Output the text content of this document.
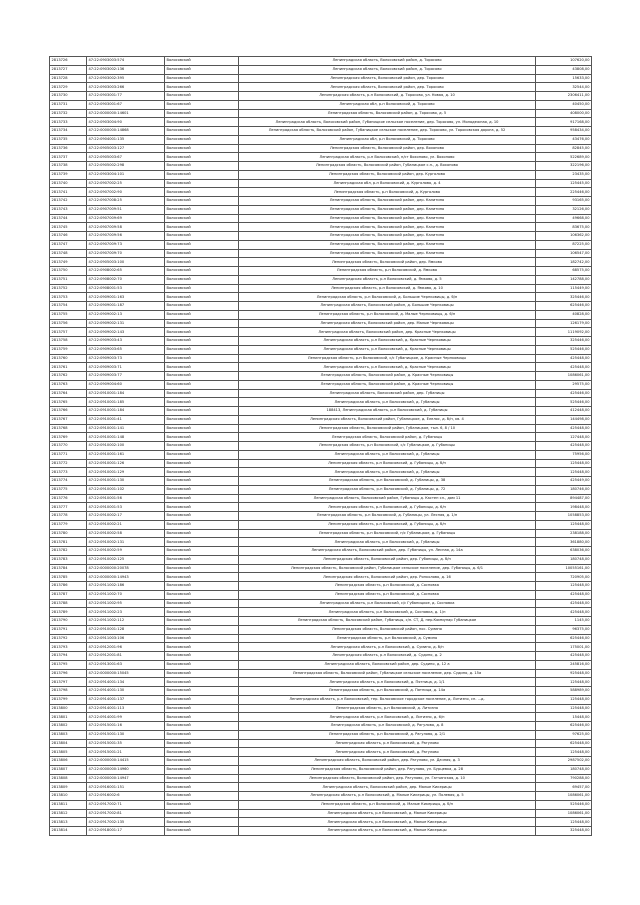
2813726	47:22:0903003:574	Волосовский	Ленинградская область, Волосовский район, д. Торосово	107620,00
2813727	47:22:0903002:136	Волосовский	Ленинградская область, Волосовский район, д. Торосово	43808,00
2813728	47:22:0903002:395	Волосовский	Ленинградская область, Волосовский район, дер. Торосово	15633,00
2813729	47:22:0903003:266	Волосовский	Ленинградская область, Волосовский район, дер. Торосово	32544,00
2813730	47:22:0903001:77	Волосовский	Ленинградская область, р-н Волосовский, д. Торосово, ул. Новая, д. 10	2306411,00
2813731	47:22:0903001:67	Волосовский	Ленинградская обл, р-н Волосовский, д. Торосово	40450,00
2813732	47:22:0000000:14601	Волосовский	Ленинградская область, Волосовский район, д. Торосово, д. 5	408000,00
2813733	47:22:0903004:90	Волосовский	Ленинградская область, Волосовский район, Губаницкое сельское поселение, дер. Торосово, ул. Молодежная, д. 10	917168,00
2813734	47:22:0000000:14868	Волосовский	Ленинградская область, Волосовский район, Губаницкое сельское поселение, дер. Торосово, ул. Торосовская дорога, д. 52	958434,00
2813735	47:22:0904001:135	Волосовский	Ленинградская обл, р-н Волосовский, д. Торосово	43476,00
2813736	47:22:0905003:127	Волосовский	Ленинградская область, Волосовский район, дер. Вохоново	82845,00
2813737	47:22:0905003:67	Волосовский	Ленинградская область, р-н Волосовский, п/ст Вохоново, ул. Вохоново	522689,00
2813738	47:22:0905002:298	Волосовский	Ленинградская область, Волосовский район, Губаницкое с.п., д. Вохоново	322196,00
2813739	47:22:0903004:101	Волосовский	Ленинградская область, Волосовский район, дер. Курголово	23435,00
2813740	47:22:0907002:25	Волосовский	Ленинградская обл, р-н Волосовский, д. Курголово, д. 4	125445,00
2813741	47:22:0907002:90	Волосовский	Ленинградская область, р-н Волосовский, д. Курголово	225446,00
2813742	47:22:0907008:25	Волосовский	Ленинградская область, Волосовский район, дер. Калитино	93165,00
2813743	47:22:0907009:51	Волосовский	Ленинградская область, Волосовский район, дер. Калитино	32126,00
2813744	47:22:0907009:69	Волосовский	Ленинградская область, Волосовский район, дер. Калитино	49668,00
2813745	47:22:0907009:58	Волосовский	Ленинградская область, Волосовский район, дер. Калитино	83675,00
2813746	47:22:0907009:56	Волосовский	Ленинградская область, Волосовский район, дер. Калитино	106362,00
2813747	47:22:0907009:73	Волосовский	Ленинградская область, Волосовский район, дер. Калитино	87225,00
2813748	47:22:0907009:70	Волосовский	Ленинградская область, Волосовский район, дер. Калитино	106547,00
2813749	47:22:0905003:100	Волосовский	Ленинградская область, Волосовский район, дер. Ямково	182742,00
2813750	47:22:0908002:65	Волосовский	Ленинградская область, р-н Волосовский, д. Ямково	68575,00
2813751	47:22:0908002:70	Волосовский	Ленинградская область, р-н Волосовский, д. Ямково, д. 5	142788,00
2813752	47:22:0908001:53	Волосовский	Ленинградская область, р-н Волосовский, д. Ямково, д. 10	115449,00
2813753	47:22:0909001:163	Волосовский	Ленинградская область, р-н Волосовский, д. Большие Чернковицы, д. б/н	325446,00
2813754	47:22:0909001:187	Волосовский	Ленинградская область, Волосовский район, д. Большие Чернковицы	625446,00
2813755	47:22:0909002:13	Волосовский	Ленинградская область, р-н Волосовский, д. Малые Чернковицы, д. 6/н	40828,00
2813756	47:22:0909002:131	Волосовский	Ленинградская область, Волосовский район, дер. Малые Чернковицы	126179,00
2813757	47:22:0909002:143	Волосовский	Ленинградская область, Волосовский район, дер. Красные Чернковицы	1119092,00
2813758	47:22:0909003:43	Волосовский	Ленинградская область, р-н Волосовский, д. Красные Чернковицы	325446,00
2813759	47:22:0909003:65	Волосовский	Ленинградская область, р-н Волосовский, д. Красные Чернковицы	525446,00
2813760	47:22:0909003:73	Волосовский	Ленинградская область, р-н Волосовский, с/с Губаницкое, д. Красные Чернковицы	425448,00
2813761	47:22:0909003:71	Волосовский	Ленинградская область, р-н Волосовский, д. Красные Чернковицы	425448,00
2813762	47:22:0909003:77	Волосовский	Ленинградская область, Волосовский район, д. Красные Чернковицы	1086061,00
2813763	47:22:0909004:60	Волосовский	Ленинградская область, Волосовский район, д. Красные Чернковицы	29575,00
2813764	47:22:0910001:184	Волосовский	Ленинградская область, Волосовский район, дер. Губаницы	425446,00
2813765	47:22:0910001:185	Волосовский	Ленинградская область, р-н Волосовский, д. Губаницы	525446,00
2813766	47:22:0910001:184	Волосовский	188413, Ленинградская область, р-н Волосовский, д. Губаницы	412448,00
2813767	47:22:0910001:41	Волосовский	Ленинградская область, Волосовский район, Губаницкое, д. Елелос, д. б/н, кв. 4	144498,00
2813768	47:22:0910001:141	Волосовский	Ленинградская область, Волосовский район, Губаницкое, тыл. 6, 8 / 10	425448,00
2813769	47:22:0910001:148	Волосовский	Ленинградская область, Волосовский район, д. Губаницы	127448,00
2813770	47:22:0910002:100	Волосовский	Ленинградская область, р-н Волосовский, с/с Губаницкое, д. Губаницы	425448,00
2813771	47:22:0910001:161	Волосовский	Ленинградская область, р-н Волосовский, д. Губаницы	75956,00
2813772	47:22:0910001:126	Волосовский	Ленинградская область, р-н Волосовский, д. Губаницы, д. б/н	125448,00
2813773	47:22:0910001:129	Волосовский	Ленинградская область, р-н Волосовский, д. Губаницы	125448,00
2813774	47:22:0910001:130	Волосовский	Ленинградская область, р-н Волосовский, д. Губаницы, д. 38	425449,00
2813775	47:22:0910001:102	Волосовский	Ленинградская область, р-н Волосовский, д. Губаницы, д. 72	180746,00
2813776	47:22:0910001:56	Волосовский	Ленинградская область, Волосовский район, Губаницы д. Кастен сл., дом 11	894487,00
2813777	47:22:0910001:53	Волосовский	Ленинградская область, р-н Волосовский, д. Губаницы, д. 6/н	198448,00
2813778	47:22:0910002:17	Волосовский	Ленинградская область, р-н Волосовский, д. Губаницы, ул. Лесная, д. 1/н	1058853,00
2813779	47:22:0910002:21	Волосовский	Ленинградская область, р-н Волосовский, д. Губаницы, д. б/н	125448,00
2813780	47:22:0910002:58	Волосовский	Ленинградская область, р-н Волосовский, п/с Губаницкое, д. Губаницы	238188,00
2813781	47:22:0910002:131	Волосовский	Ленинградская область, р-н Волосовский, д. Губаницы	361880,00
2813782	47:22:0910002:59	Волосовский	Ленинградская область, Волосовский район, дер. Губаницы, ул. Лесная, д. 14а	638036,00
2813783	47:22:0910002:125	Волосовский	Ленинградская область, Волосовский район, дер. Губаницы, д. б/н	180748,00
2813784	47:22:0000000:20078	Волосовский	Ленинградская область, Волосовский район, Губаницкое сельское поселение, дер. Губаницы, д. 6/1	10055161,00
2813785	47:22:0000000:14943	Волосовский	Ленинградская область, Волосовский район, дер. Ронколово, д. 16	720905,00
2813786	47:22:0911002:186	Волосовский	Ленинградская область, р-н Волосовский, д. Сосновка	125448,00
2813787	47:22:0911002:70	Волосовский	Ленинградская область, р-н Волосовский, д. Сосновка	425448,00
2813788	47:22:0911002:95	Волосовский	Ленинградская область, р-н Волосовский, с/с Губаницкое, д. Сосновка	425448,00
2813789	47:22:0911002:23	Волосовский	Ленинградская область, р-н Волосовский, д. Сосновка, д. 1/н	425448,00
2813790	47:22:0911002:112	Волосовский	Ленинградская область, Волосовский район, Губаницы, с/п. СТ, Д. пер.Коммунар Губаницкое	1145,00
2813791	47:22:0910001:128	Волосовский	Ленинградская область, Волосовский район, пос. Сумино	96375,00
2813792	47:22:0911003:106	Волосовский	Ленинградская область, р-н Волосовский, д. Сумино	625446,00
2813793	47:22:0912001:96	Волосовский	Ленинградская область, р-н Волосовский, д. Сумино, д. б/н	175001,00
2813794	47:22:0912001:81	Волосовский	Ленинградская область, р-н Волосовский, д. Судино, д. 2	425448,00
2813795	47:22:0913001:63	Волосовский	Ленинградская область, Волосовский район, дер. Судино, д. 12 а	245816,00
2813796	47:22:0000000:15045	Волосовский	Ленинградская область, Волосовский район, Губаницкое сельское поселение, дер. Судино, д. 15а	925448,00
2813797	47:22:0914001:134	Волосовский	Ленинградская область, р-н Волосовский, д. Пятница, д. 1/1	125448,00
2813798	47:22:0914001:130	Волосовский	Ленинградская область, р-н Волосовский, д. Пятница, д. 14а	588989,00
2813799	47:22:0914001:137	Волосовский	Ленинградская область, р-н Волосовский, тер. Волосовское городское поселение, д. Литизно, сп. ...д.	125448,00
2813800	47:22:0914001:113	Волосовский	Ленинградская область, р-н Волосовский, д. Литизно	125448,00
2813801	47:22:0914001:99	Волосовский	Ленинградская область, р-н Волосовский, д. Литизно, д. 6/н	15448,00
2813802	47:22:0915001:16	Волосовский	Ленинградская область, р-н Волосовский, д. Рагулово, д. 8	625446,00
2813803	47:22:0915001:130	Волосовский	Ленинградская область, р-н Волосовский, д. Рагулово, д. 2/1	97625,00
2813804	47:22:0915001:35	Волосовский	Ленинградская область, р-н Волосовский, д. Рагулово	625448,00
2813805	47:22:0915001:21	Волосовский	Ленинградская область, р-н Волосовский, д. Рагулово	125448,00
2813806	47:22:0000000:14415	Волосовский	Ленинградская область, Волосовский район, дер. Рагулово, ул. Дачная, д. 3	2987502,00
2813807	47:22:0000000:14960	Волосовский	Ленинградская область, Волосовский район, дер. Рагулово, ул. Бурцевка, д. 28	180748,00
2813808	47:22:0000000:14947	Волосовский	Ленинградская область, Волосовский район, дер. Рагулово, ул. Гатчинская, д. 10	790288,00
2813809	47:22:0916001:151	Волосовский	Ленинградская область, Волосовский район, дер. Малые Кикерицы	69457,00
2813810	47:22:0916002:6	Волосовский	Ленинградская область, р-н Волосовский, д. Малые Кикерицы, ул. Полевая, д. 5	1086061,00
2813811	47:22:0917002:71	Волосовский	Ленинградская область, р-н Волосовский, д. Малые Кикерицы, д. б/н	525446,00
2813812	47:22:0917002:81	Волосовский	Ленинградская область, р-н Волосовский, д. Малые Кикерицы	1086061,00
2813813	47:22:0917002:135	Волосовский	Ленинградская область, р-н Волосовский, д. Малые Кикерицы	125448,00
2813814	47:22:0918001:17	Волосовский	Ленинградская область, р-н Волосовский, д. Малые Кикерицы	325448,00
